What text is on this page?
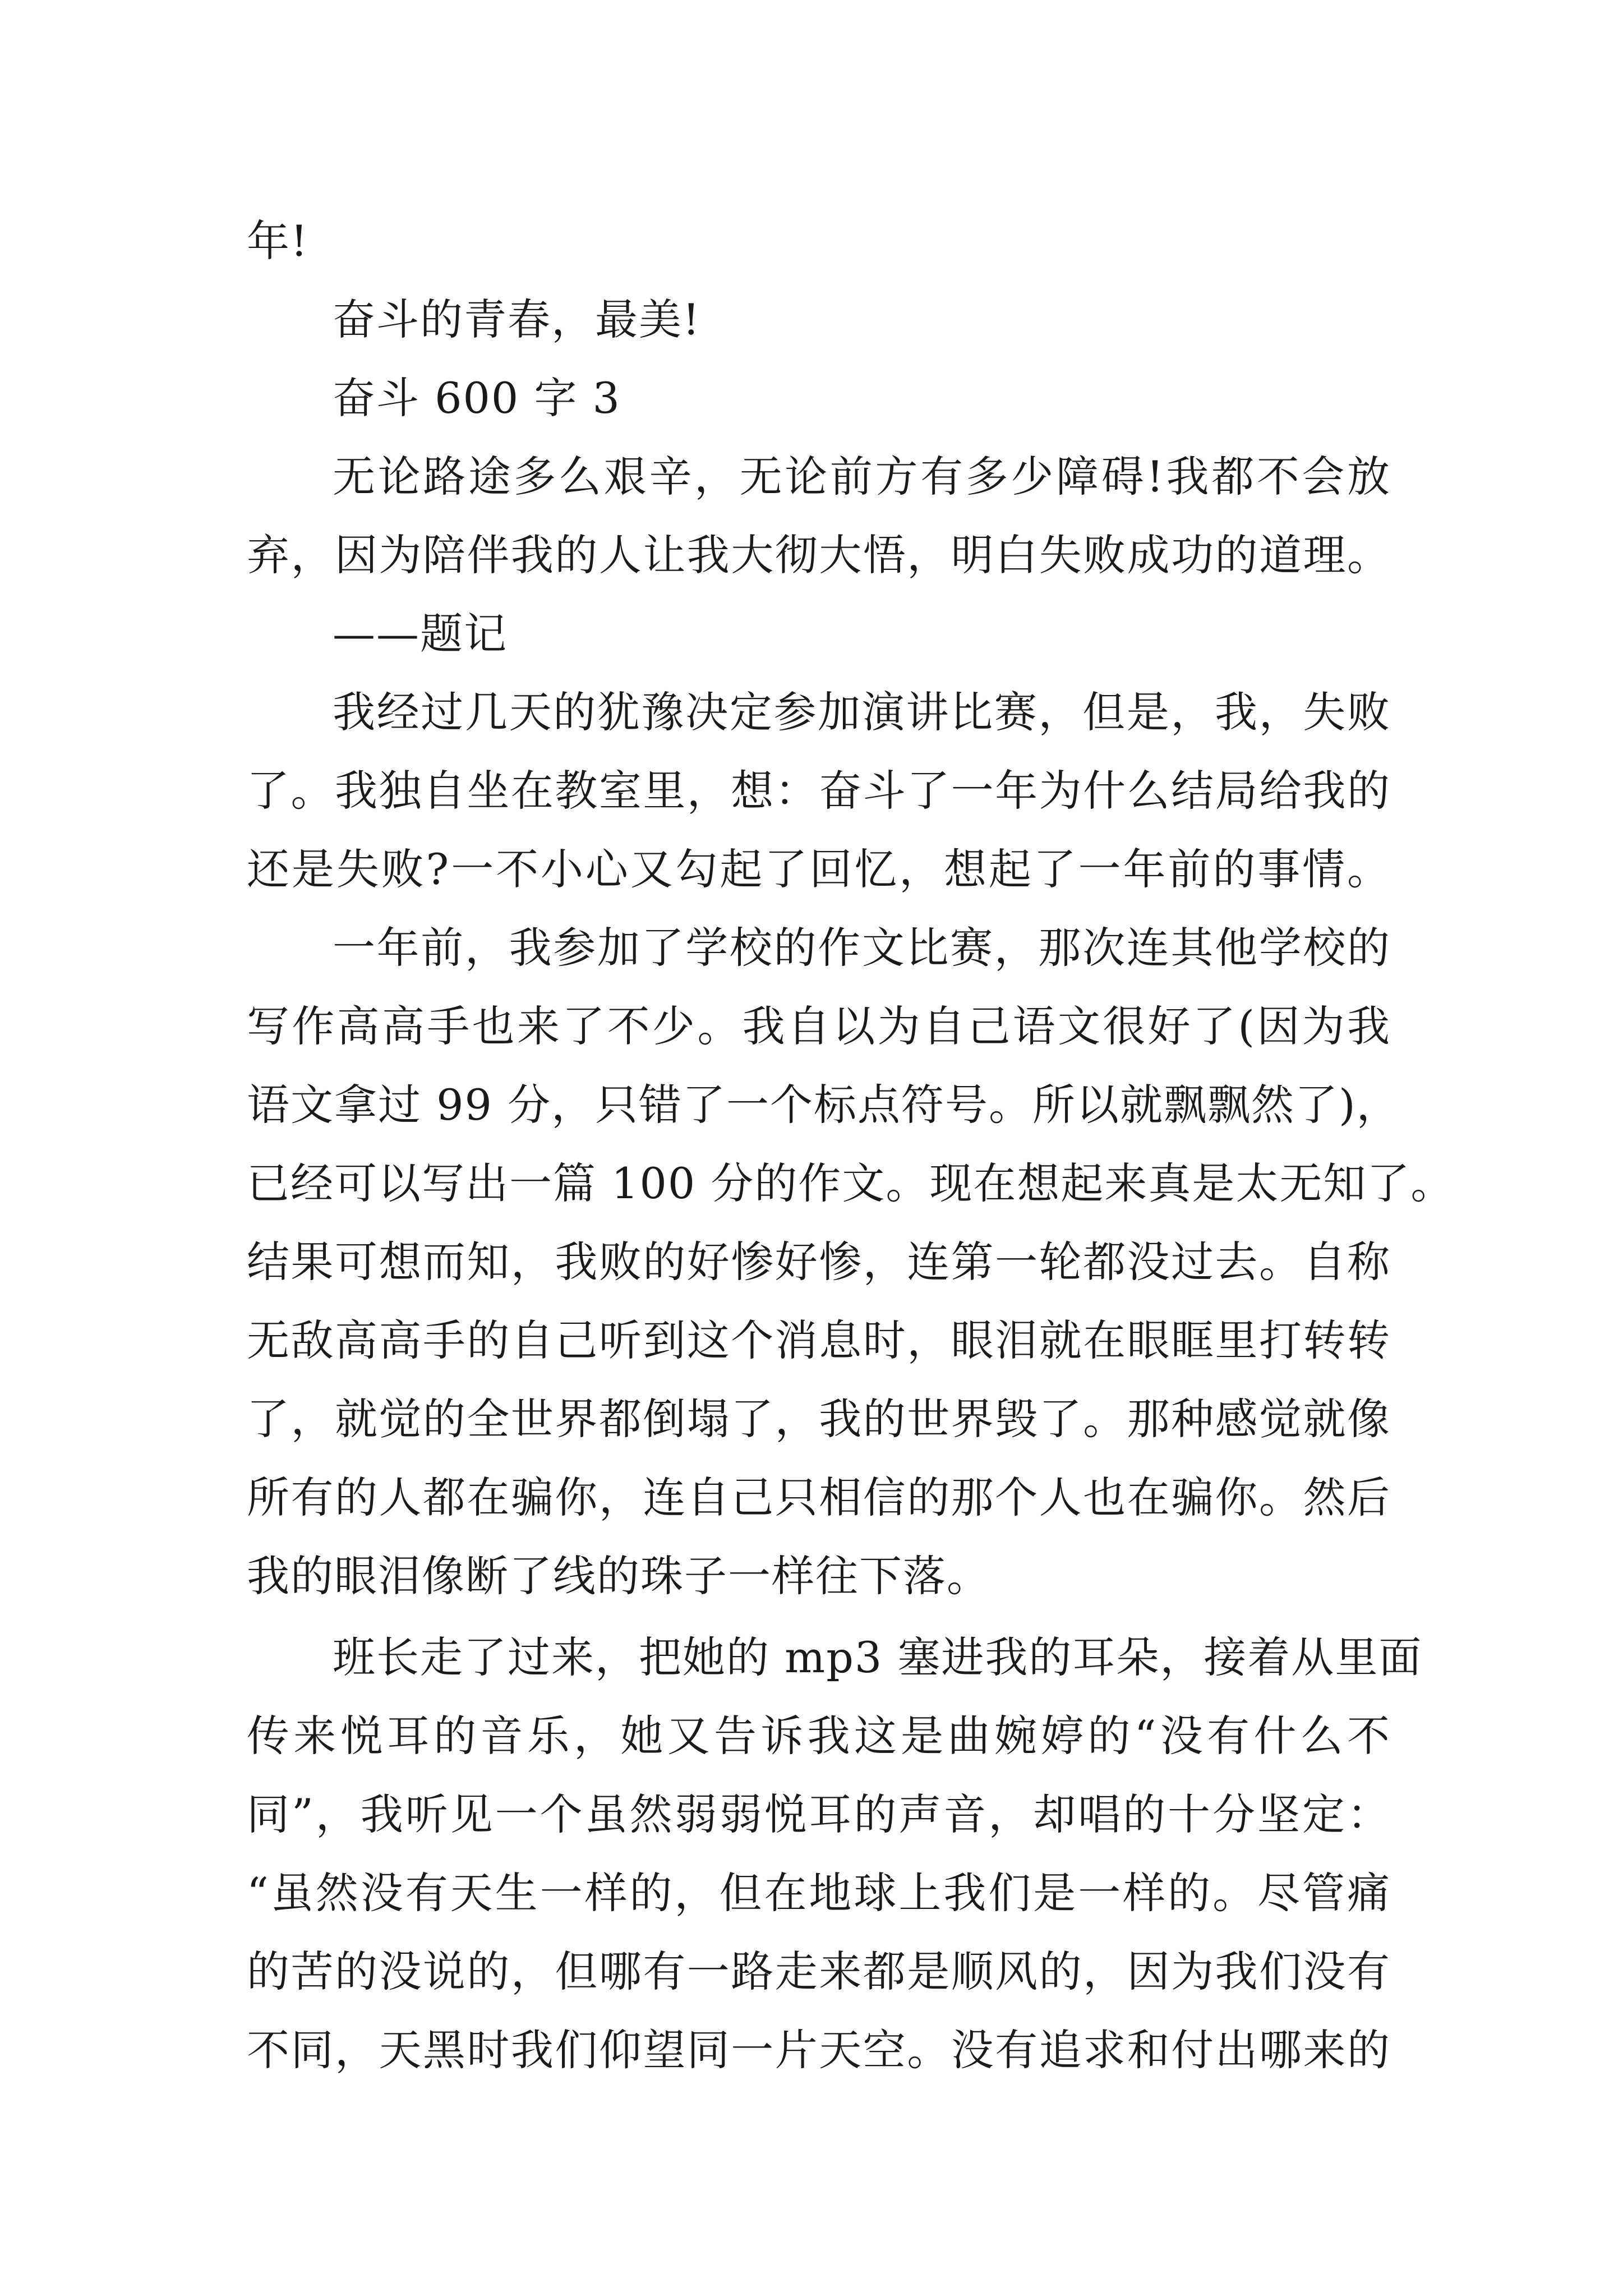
年!
奋斗的青春，最美!
奋斗 600 字 3
无论路途多么艰辛，无论前方有多少障碍!我都不会放
弃，因为陪伴我的人让我大彻大悟，明白失败成功的道理。
——题记
我经过几天的犹豫决定参加演讲比赛，但是，我，失败
了。我独自坐在教室里，想：奋斗了一年为什么结局给我的
还是失败?一不小心又勾起了回忆，想起了一年前的事情。
一年前，我参加了学校的作文比赛，那次连其他学校的
写作高高手也来了不少。我自以为自己语文很好了(因为我
语文拿过 99 分，只错了一个标点符号。所以就飘飘然了)，
已经可以写出一篇 100 分的作文。现在想起来真是太无知了。
结果可想而知，我败的好惨好惨，连第一轮都没过去。自称
无敌高高手的自己听到这个消息时，眼泪就在眼眶里打转转
了，就觉的全世界都倒塌了，我的世界毁了。那种感觉就像
所有的人都在骗你，连自己只相信的那个人也在骗你。然后
我的眼泪像断了线的珠子一样往下落。
班长走了过来，把她的 mp3 塞进我的耳朵，接着从里面
传来悦耳的音乐，她又告诉我这是曲婉婷的“没有什么不
同”，我听见一个虽然弱弱悦耳的声音，却唱的十分坚定：
“虽然没有天生一样的，但在地球上我们是一样的。尽管痛
的苦的没说的，但哪有一路走来都是顺风的，因为我们没有
不同，天黑时我们仰望同一片天空。没有追求和付出哪来的
